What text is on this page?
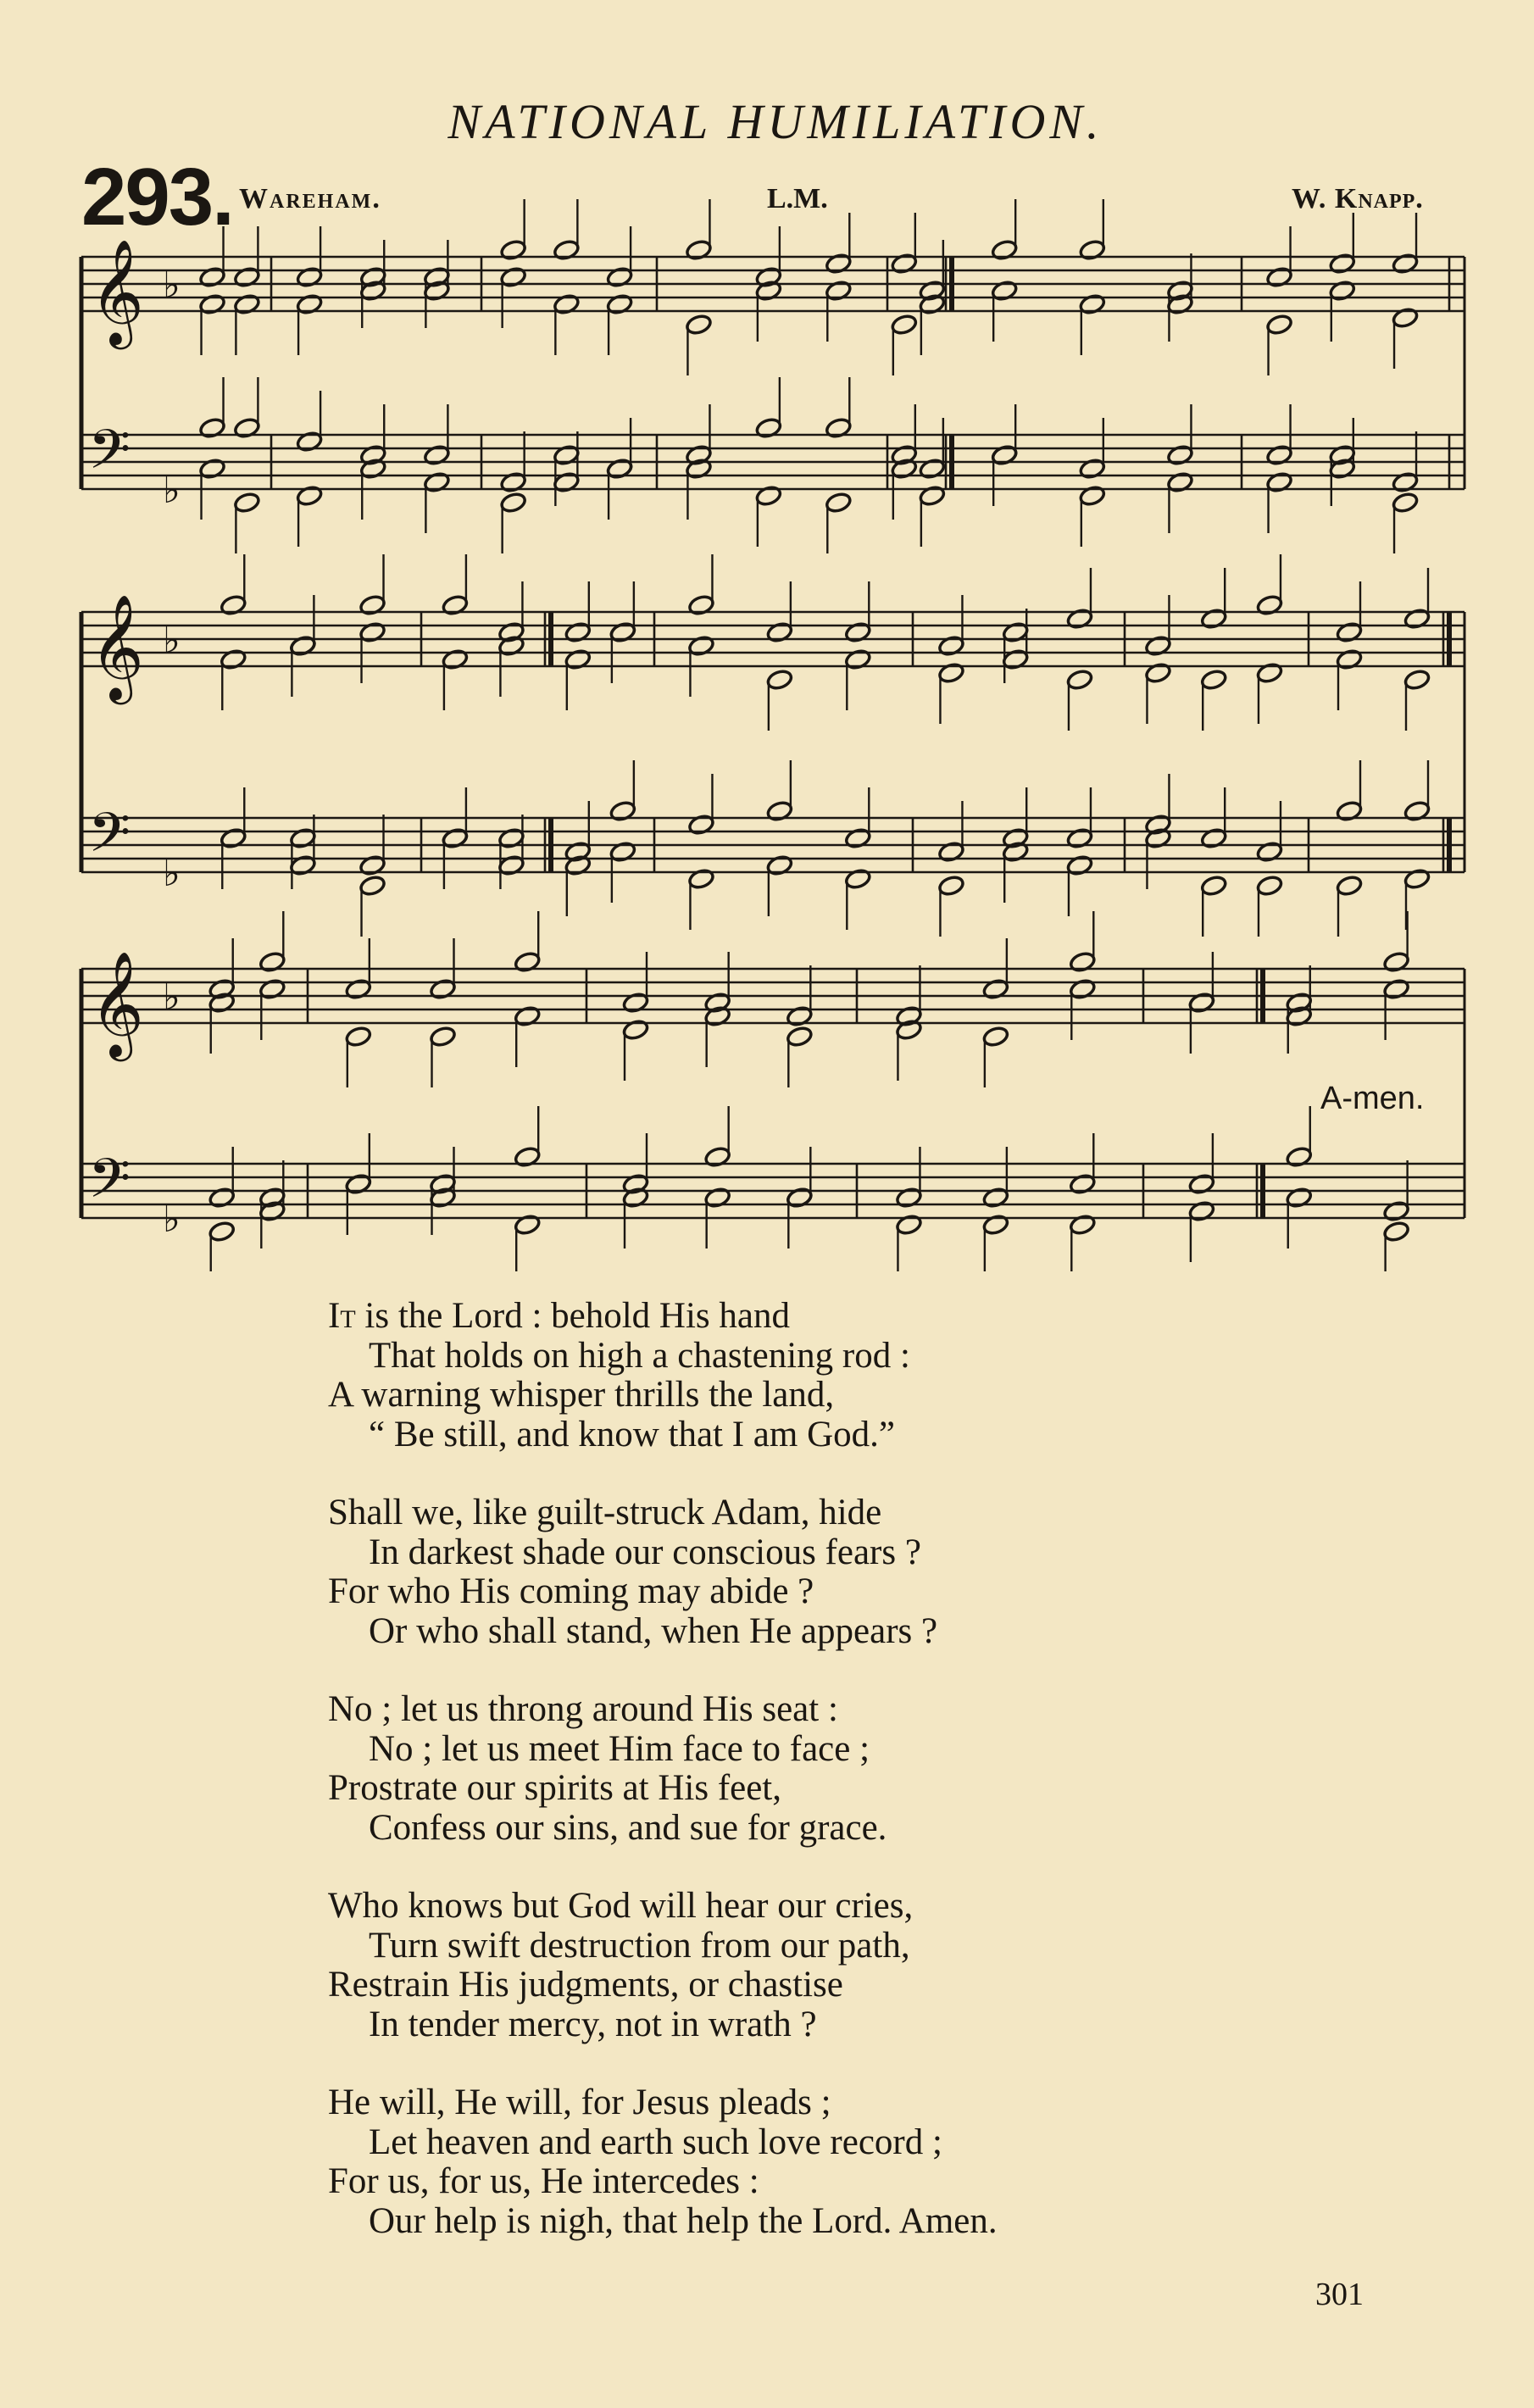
NATIONAL HUMILIATION.
293. Wareham.	L.M.	W. Knapp.
𝄞 ♭
𝄢 ♭
𝄞 ♭
𝄢 ♭
𝄞 ♭
𝄢 ♭
A-men.
It is the Lord : behold His hand
That holds on high a chastening rod :
A warning whisper thrills the land,
“ Be still, and know that I am God.”
Shall we, like guilt-struck Adam, hide
In darkest shade our conscious fears ?
For who His coming may abide ?
Or who shall stand, when He appears ?
No ; let us throng around His seat :
No ; let us meet Him face to face ;
Prostrate our spirits at His feet,
Confess our sins, and sue for grace.
Who knows but God will hear our cries,
Turn swift destruction from our path,
Restrain His judgments, or chastise
In tender mercy, not in wrath ?
He will, He will, for Jesus pleads ;
Let heaven and earth such love record ;
For us, for us, He intercedes :
Our help is nigh, that help the Lord. Amen.
301
